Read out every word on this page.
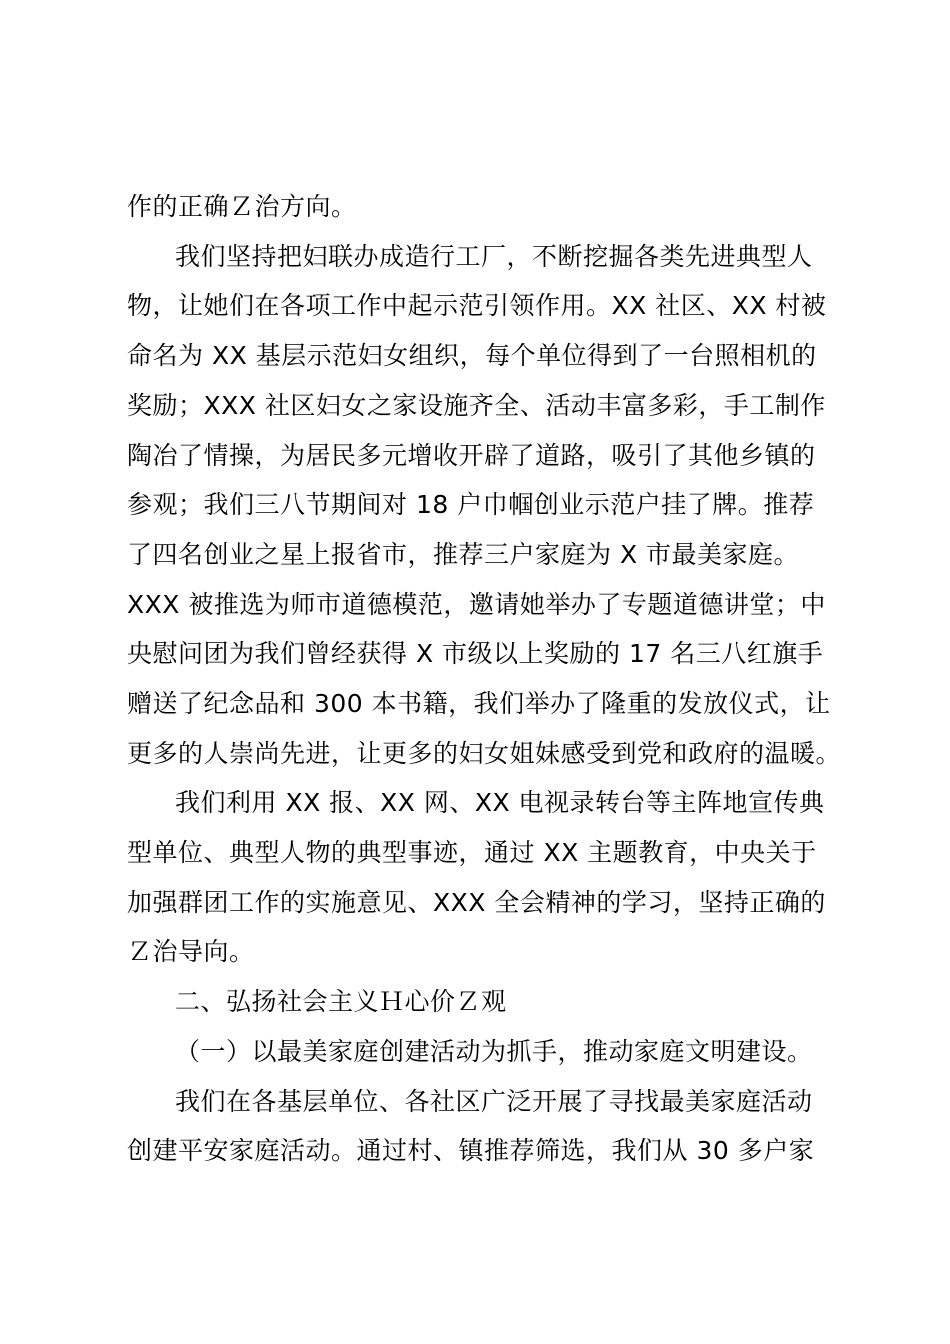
作的正确Ｚ治方向。
我们坚持把妇联办成造行工厂，不断挖掘各类先进典型人
物，让她们在各项工作中起示范引领作用。XX 社区、XX 村被
命名为 XX 基层示范妇女组织，每个单位得到了一台照相机的
奖励；XXX 社区妇女之家设施齐全、活动丰富多彩，手工制作
陶冶了情操，为居民多元增收开辟了道路，吸引了其他乡镇的
参观；我们三八节期间对 18 户巾帼创业示范户挂了牌。推荐
了四名创业之星上报省市，推荐三户家庭为 X 市最美家庭。
XXX 被推选为师市道德模范，邀请她举办了专题道德讲堂；中
央慰问团为我们曾经获得 X 市级以上奖励的 17 名三八红旗手
赠送了纪念品和 300 本书籍，我们举办了隆重的发放仪式，让
更多的人崇尚先进，让更多的妇女姐妹感受到党和政府的温暖。
我们利用 XX 报、XX 网、XX 电视录转台等主阵地宣传典
型单位、典型人物的典型事迹，通过 XX 主题教育，中央关于
加强群团工作的实施意见、XXX 全会精神的学习，坚持正确的
Ｚ治导向。
二、弘扬社会主义Ｈ心价Ｚ观
（一）以最美家庭创建活动为抓手，推动家庭文明建设。
我们在各基层单位、各社区广泛开展了寻找最美家庭活动
创建平安家庭活动。通过村、镇推荐筛选，我们从 30 多户家
